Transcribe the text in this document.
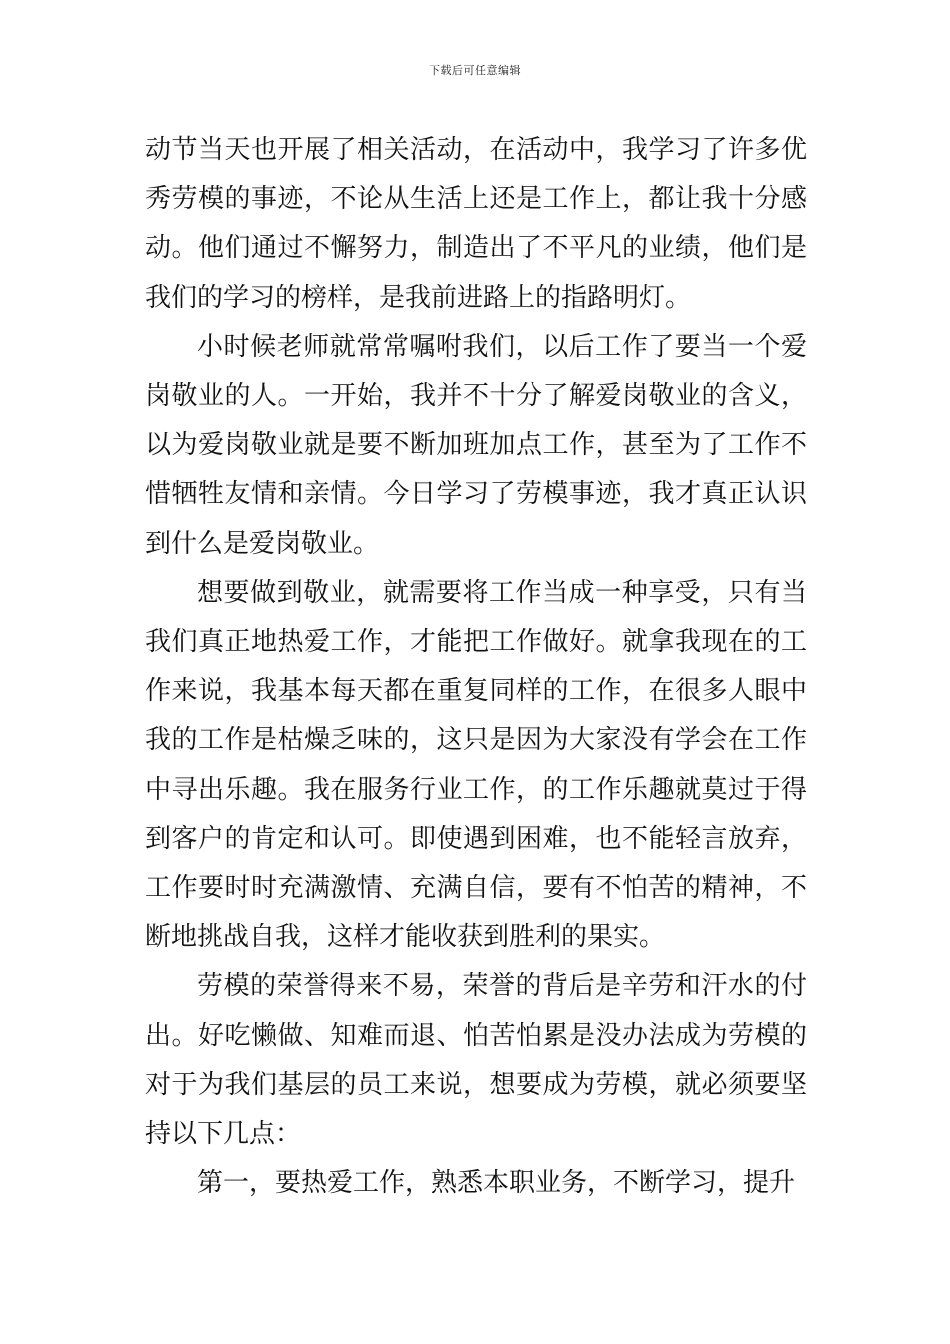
下载后可任意编辑

动节当天也开展了相关活动，在活动中，我学习了许多优秀劳模的事迹，不论从生活上还是工作上，都让我十分感动。他们通过不懈努力，制造出了不平凡的业绩，他们是我们的学习的榜样，是我前进路上的指路明灯。

小时候老师就常常嘱咐我们，以后工作了要当一个爱岗敬业的人。一开始，我并不十分了解爱岗敬业的含义，以为爱岗敬业就是要不断加班加点工作，甚至为了工作不惜牺牲友情和亲情。今日学习了劳模事迹，我才真正认识到什么是爱岗敬业。

想要做到敬业，就需要将工作当成一种享受，只有当我们真正地热爱工作，才能把工作做好。就拿我现在的工作来说，我基本每天都在重复同样的工作，在很多人眼中我的工作是枯燥乏味的，这只是因为大家没有学会在工作中寻出乐趣。我在服务行业工作，的工作乐趣就莫过于得到客户的肯定和认可。即使遇到困难，也不能轻言放弃，工作要时时充满激情、充满自信，要有不怕苦的精神，不断地挑战自我，这样才能收获到胜利的果实。

劳模的荣誉得来不易，荣誉的背后是辛劳和汗水的付出。好吃懒做、知难而退、怕苦怕累是没办法成为劳模的对于为我们基层的员工来说，想要成为劳模，就必须要坚持以下几点：

第一，要热爱工作，熟悉本职业务，不断学习，提升
